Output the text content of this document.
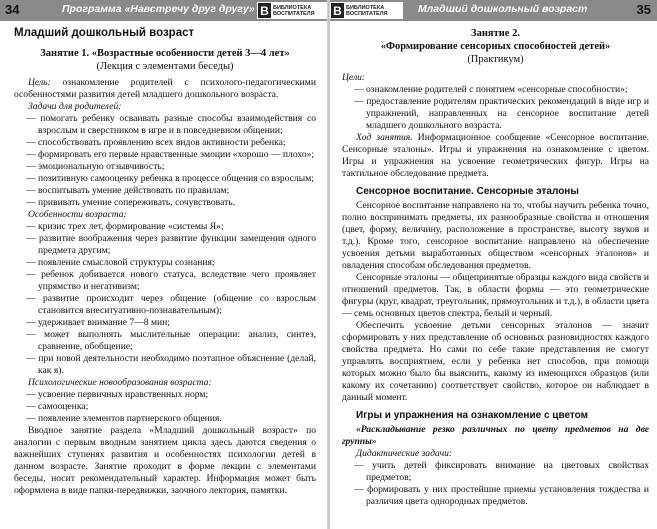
34	Программа «Навстречу друг другу» B БИБЛИОТЕКА
ВОСПИТАТЕЛЯ
Младший дошкольный возраст
Занятие 1. «Возрастные особенности детей 3—4 лет»
(Лекция с элементами беседы)

Цель: ознакомление родителей с психолого-педагогическими особенностями развития детей младшего дошкольного возраста.

Задачи для родителей:
— помогать ребенку осваивать разные способы взаимодействия со взрослым и сверстником в игре и в повседневном общении;
— способствовать проявлению всех видов активности ребенка;
— формировать его первые нравственные эмоции «хорошо — плохо»;
— эмоциональную отзывчивость;
— позитивную самооценку ребенка в процессе общения со взрослым;
— воспитывать умение действовать по правилам;
— прививать умение сопереживать, сочувствовать.
Особенности возраста:
— кризис трех лет, формирование «системы Я»;
— развитие воображения через развитие функции замещения одного предмета другим;
— появление смысловой структуры сознания;
— ребенок добивается нового статуса, вследствие чего проявляет упрямство и негативизм;
— развитие происходит через общение (общение со взрослым становится внеситуативно-познавательным);
— удерживает внимание 7—8 мин;
— может выполнять мыслительные операции: анализ, синтез, сравнение, обобщение;
— при новой деятельности необходимо поэтапное объяснение (делай, как я).
Психологические новообразования возраста:
— усвоение первичных нравственных норм;
— самооценка;
— появление элементов партнерского общения.

Вводное занятие раздела «Младший дошкольный возраст» по аналогии с первым вводным занятием цикла здесь даются сведения о важнейших ступенях развития и особенностях психологии детей в данном возрасте. Занятие проходит в форме лекции с элементами беседы, носит рекомендательный характер. Информация может быть оформлена в виде папки-передвижки, заочного лектория, памятки.

B БИБЛИОТЕКА
ВОСПИТАТЕЛЯ	Младший дошкольный возраст	35
Занятие 2.
«Формирование сенсорных способностей детей»
(Практикум)
Цели:
— ознакомление родителей с понятием «сенсорные способности»;
— предоставление родителям практических рекомендаций в виде игр и упражнений, направленных на сенсорное воспитание детей младшего дошкольного возраста.

Ход занятия. Информационное сообщение «Сенсорное воспитание. Сенсорные эталоны». Игры и упражнения на ознакомление с цветом. Игры и упражнения на усвоение геометрических фигур. Игры на тактильное обследование предмета.

Сенсорное воспитание. Сенсорные эталоны

Сенсорное воспитание направлено на то, чтобы научить ребенка точно, полно воспринимать предметы, их разнообразные свойства и отношения (цвет, форму, величину, расположение в пространстве, высоту звуков и т.д.). Кроме того, сенсорное воспитание направлено на обеспечение усвоения детьми выработанных обществом «сенсорных эталонов» и овладения способам обследования предметов.

Сенсорные эталоны — общепринятые образцы каждого вида свойств и отношений предметов. Так, в области формы — это геометрические фигуры (круг, квадрат, треугольник, прямоугольник и т.д.), в области цвета — семь основных цветов спектра, белый и черный.

Обеспечить усвоение детьми сенсорных эталонов — значит сформировать у них представление об основных разновидностях каждого свойства предмета. Но сами по себе такие представления не смогут управлять восприятием, если у ребенка нет способов, при помощи которых можно было бы выяснить, какому из имеющихся образцов (или какому их сочетанию) соответствует свойство, которое он наблюдает в данный момент.

Игры и упражнения на ознакомление с цветом

«Раскладывание резко различных по цвету предметов на две группы»

Дидактические задачи:
— учить детей фиксировать внимание на цветовых свойствах предметов;
— формировать у них простейшие приемы установления тождества и различия цвета однородных предметов.
